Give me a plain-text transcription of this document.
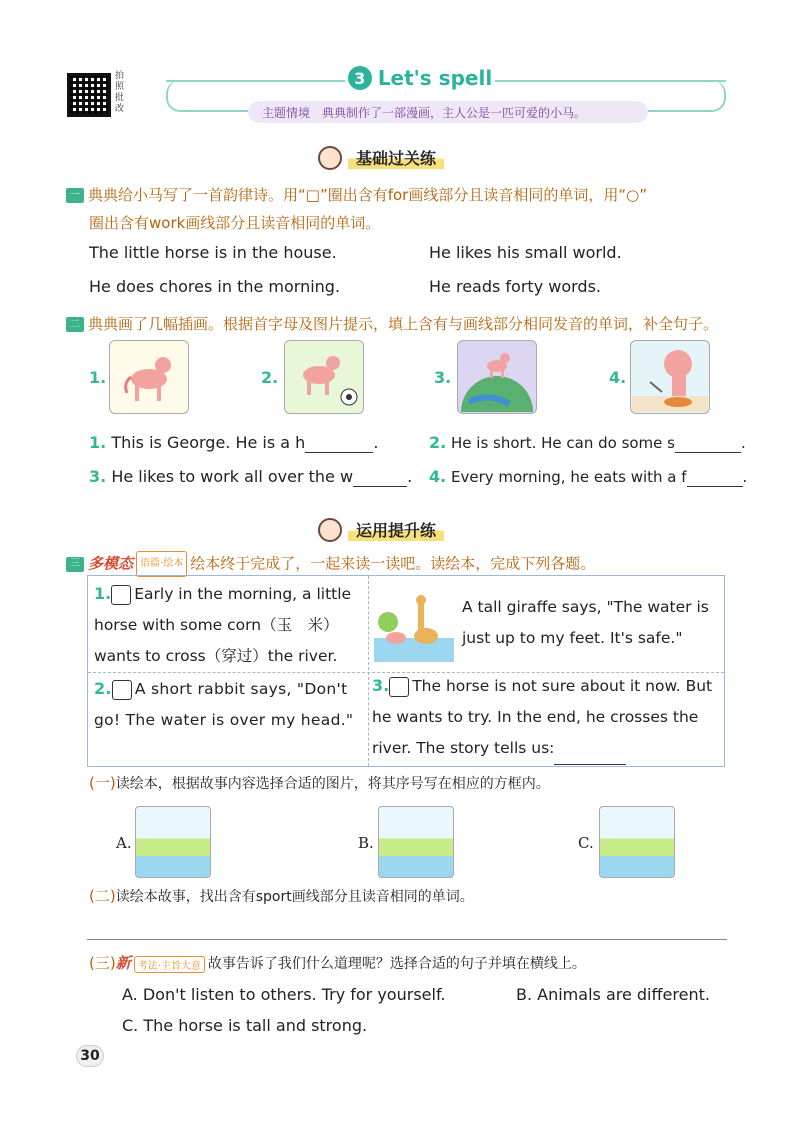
拍照批改
3 Let's spell
主题情境 典典制作了一部漫画，主人公是一匹可爱的小马。
基础过关练
一 典典给小马写了一首韵律诗。用“□”圈出含有for画线部分且读音相同的单词，用“○”
圈出含有work画线部分且读音相同的单词。
The little horse is in the house.	He likes his small world.
He does chores in the morning.	He reads forty words.
二 典典画了几幅插画。根据首字母及图片提示，填上含有与画线部分相同发音的单词，补全句子。
1.	2.	3.	4.
1. This is George. He is a h	.	2. He is short. He can do some s	.
3. He likes to work all over the w	. 4. Every morning, he eats with a f	.
运用提升练
三 多模态 语篇·绘本 绘本终于完成了，一起来读一读吧。读绘本，完成下列各题。
1. Early in the morning, a little horse with some corn（玉　米） wants to cross（穿过）the river.
A tall giraffe says, "The water is just up to my feet. It's safe."
2. A short rabbit says, "Don't go! The water is over my head."
3. The horse is not sure about it now. But he wants to try. In the end, he crosses the river. The story tells us:
(一)读绘本，根据故事内容选择合适的图片，将其序号写在相应的方框内。
A.	B.	C.
(二)读绘本故事，找出含有sport画线部分且读音相同的单词。
(三)新 考法·主旨大意 故事告诉了我们什么道理呢？选择合适的句子并填在横线上。
A. Don't listen to others. Try for yourself.	B. Animals are different.
C. The horse is tall and strong.
30
